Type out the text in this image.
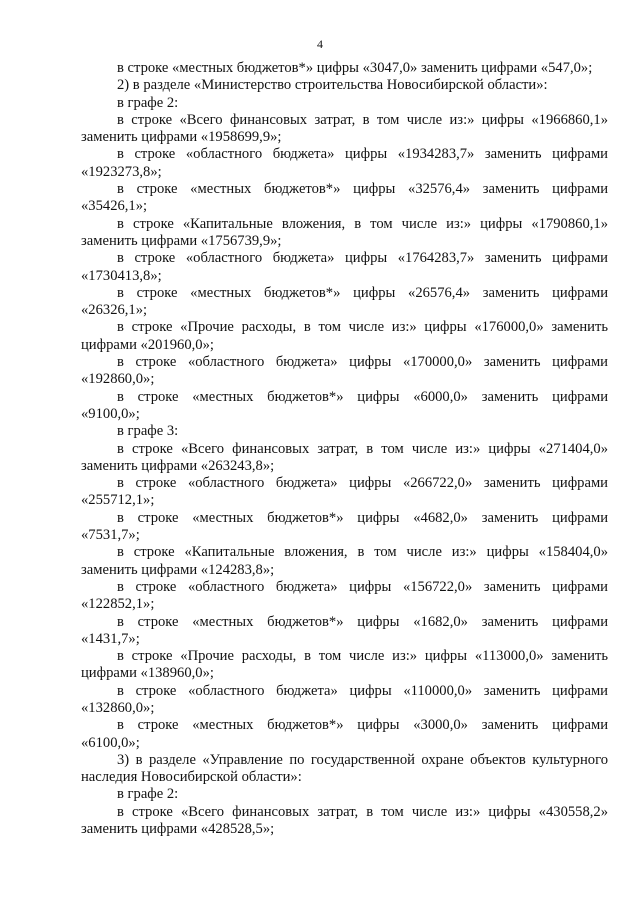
4
в строке «местных бюджетов*» цифры «3047,0» заменить цифрами «547,0»;
2) в разделе «Министерство строительства Новосибирской области»:
в графе 2:
в строке «Всего финансовых затрат, в том числе из:» цифры «1966860,1»
заменить цифрами «1958699,9»;
в строке «областного бюджета» цифры «1934283,7» заменить цифрами
«1923273,8»;
в строке «местных бюджетов*» цифры «32576,4» заменить цифрами
«35426,1»;
в строке «Капитальные вложения, в том числе из:» цифры «1790860,1»
заменить цифрами «1756739,9»;
в строке «областного бюджета» цифры «1764283,7» заменить цифрами
«1730413,8»;
в строке «местных бюджетов*» цифры «26576,4» заменить цифрами
«26326,1»;
в строке «Прочие расходы, в том числе из:» цифры «176000,0» заменить
цифрами «201960,0»;
в строке «областного бюджета» цифры «170000,0» заменить цифрами
«192860,0»;
в строке «местных бюджетов*» цифры «6000,0» заменить цифрами
«9100,0»;
в графе 3:
в строке «Всего финансовых затрат, в том числе из:» цифры «271404,0»
заменить цифрами «263243,8»;
в строке «областного бюджета» цифры «266722,0» заменить цифрами
«255712,1»;
в строке «местных бюджетов*» цифры «4682,0» заменить цифрами
«7531,7»;
в строке «Капитальные вложения, в том числе из:» цифры «158404,0»
заменить цифрами «124283,8»;
в строке «областного бюджета» цифры «156722,0» заменить цифрами
«122852,1»;
в строке «местных бюджетов*» цифры «1682,0» заменить цифрами
«1431,7»;
в строке «Прочие расходы, в том числе из:» цифры «113000,0» заменить
цифрами «138960,0»;
в строке «областного бюджета» цифры «110000,0» заменить цифрами
«132860,0»;
в строке «местных бюджетов*» цифры «3000,0» заменить цифрами
«6100,0»;
3) в разделе «Управление по государственной охране объектов культурного
наследия Новосибирской области»:
в графе 2:
в строке «Всего финансовых затрат, в том числе из:» цифры «430558,2»
заменить цифрами «428528,5»;
